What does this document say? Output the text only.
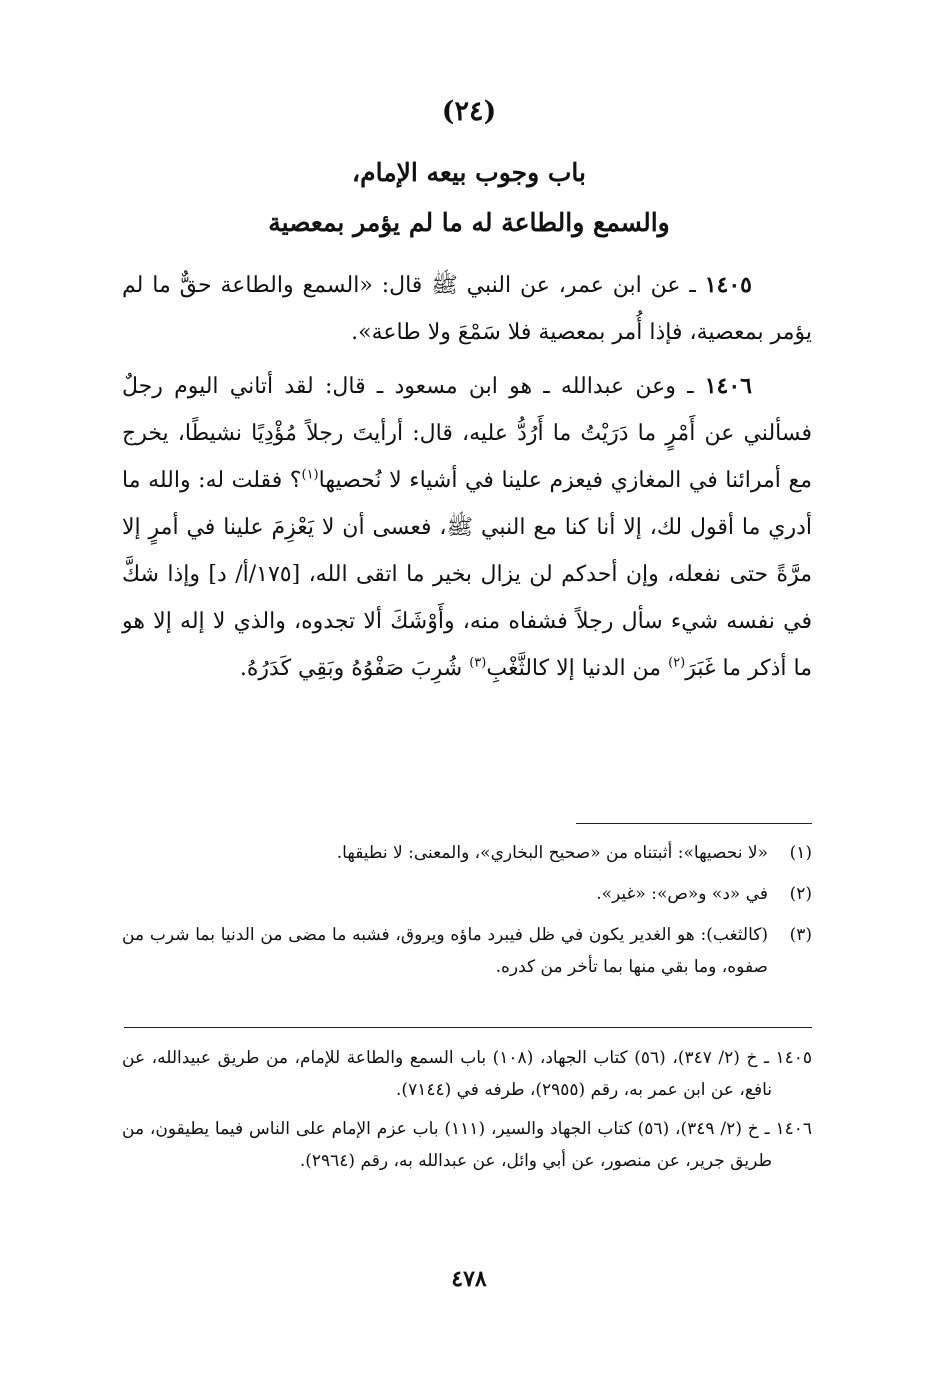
(٢٤)
باب وجوب بيعه الإمام،
والسمع والطاعة له ما لم يؤمر بمعصية

١٤٠٥ ـ عن ابن عمر، عن النبي ﷺ قال: «السمع والطاعة حقٌّ ما لم يؤمر بمعصية، فإذا أُمر بمعصية فلا سَمْعَ ولا طاعة».

١٤٠٦ ـ وعن عبدالله ـ هو ابن مسعود ـ قال: لقد أتاني اليوم رجلٌ فسألني عن أَمْرٍ ما دَرَيْتُ ما أَرُدُّ عليه، قال: أرأيتَ رجلاً مُؤْدِيًا نشيطًا، يخرج مع أمرائنا في المغازي فيعزم علينا في أشياء لا نُحصيها$^{(١)}$؟ فقلت له: والله ما أدري ما أقول لك، إلا أنا كنا مع النبي ﷺ، فعسى أن لا يَعْزِمَ علينا في أمرٍ إلا مرَّةً حتى نفعله، وإن أحدكم لن يزال بخير ما اتقى الله، [١٧٥/أ/ د] وإذا شكَّ في نفسه شيء سأل رجلاً فشفاه منه، وأَوْشَكَ ألا تجدوه، والذي لا إله إلا هو ما أذكر ما غَبَرَ$^{(٢)}$ من الدنيا إلا كالثَّغْبِ$^{(٣)}$ شُرِبَ صَفْوُهُ وبَقِي كَدَرُهُ.

(١)
«لا نحصيها»: أثبتناه من «صحيح البخاري»، والمعنى: لا نطيقها.
(٢)
في «د» و«ص»: «غير».
(٣)
(كالثغب): هو الغدير يكون في ظل فيبرد ماؤه ويروق، فشبه ما مضى من الدنيا بما شرب من صفوه، وما بقي منها بما تأخر من كدره.
١٤٠٥ ـ خ (٢/ ٣٤٧)، (٥٦) كتاب الجهاد، (١٠٨) باب السمع والطاعة للإمام، من طريق عبيدالله، عن نافع، عن ابن عمر به، رقم (٢٩٥٥)، طرفه في (٧١٤٤).
١٤٠٦ ـ خ (٢/ ٣٤٩)، (٥٦) كتاب الجهاد والسير، (١١١) باب عزم الإمام على الناس فيما يطيقون، من طريق جرير، عن منصور، عن أبي وائل، عن عبدالله به، رقم (٢٩٦٤).
٤٧٨
